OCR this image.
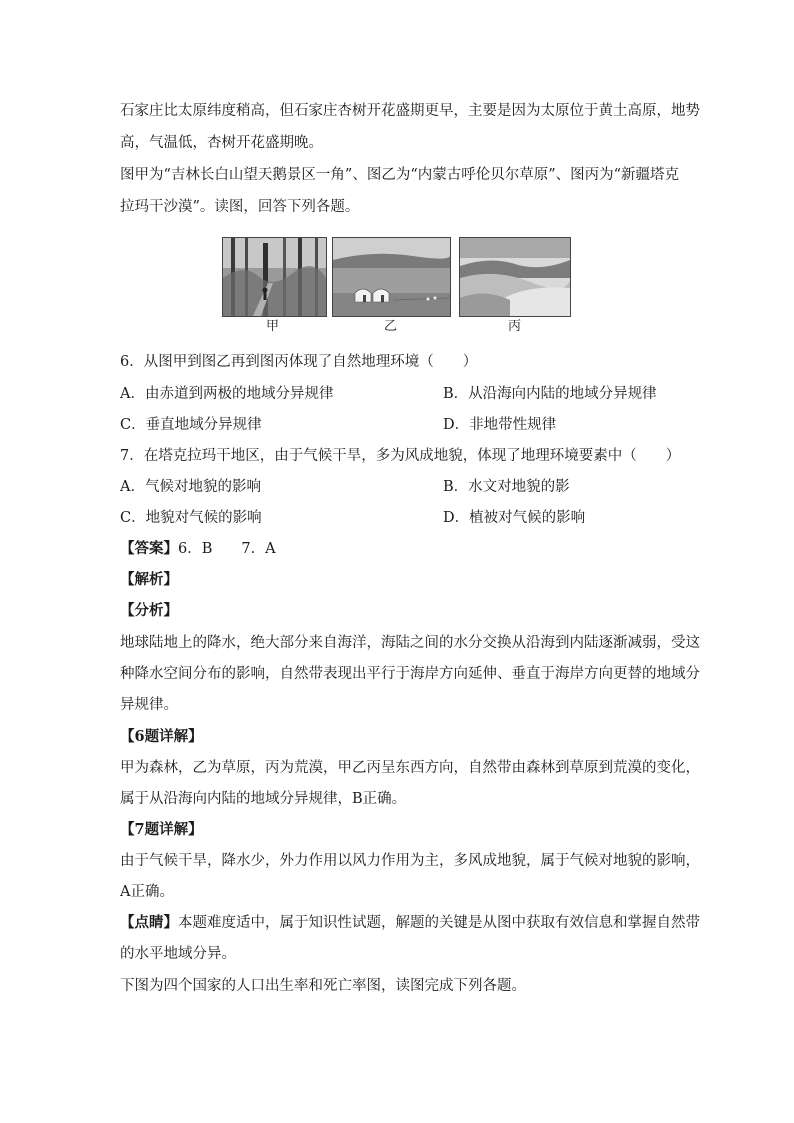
石家庄比太原纬度稍高，但石家庄杏树开花盛期更早，主要是因为太原位于黄土高原，地势
高，气温低，杏树开花盛期晚。
图甲为“吉林长白山望天鹅景区一角”、图乙为“内蒙古呼伦贝尔草原”、图丙为“新疆塔克
拉玛干沙漠”。读图，回答下列各题。
甲	乙	丙
6．从图甲到图乙再到图丙体现了自然地理环境（　　）
A．由赤道到两极的地域分异规律	B．从沿海向内陆的地域分异规律
C．垂直地域分异规律	D．非地带性规律
7．在塔克拉玛干地区，由于气候干旱，多为风成地貌，体现了地理环境要素中（　　）
A．气候对地貌的影响	B．水文对地貌的影
C．地貌对气候的影响	D．植被对气候的影响
【答案】6．B　　7．A
【解析】
【分析】
地球陆地上的降水，绝大部分来自海洋，海陆之间的水分交换从沿海到内陆逐渐减弱，受这
种降水空间分布的影响，自然带表现出平行于海岸方向延伸、垂直于海岸方向更替的地域分
异规律。
【6题详解】
甲为森林，乙为草原，丙为荒漠，甲乙丙呈东西方向，自然带由森林到草原到荒漠的变化，
属于从沿海向内陆的地域分异规律，B正确。
【7题详解】
由于气候干旱，降水少，外力作用以风力作用为主，多风成地貌，属于气候对地貌的影响，
A正确。
【点睛】本题难度适中，属于知识性试题，解题的关键是从图中获取有效信息和掌握自然带
的水平地域分异。
下图为四个国家的人口出生率和死亡率图，读图完成下列各题。
